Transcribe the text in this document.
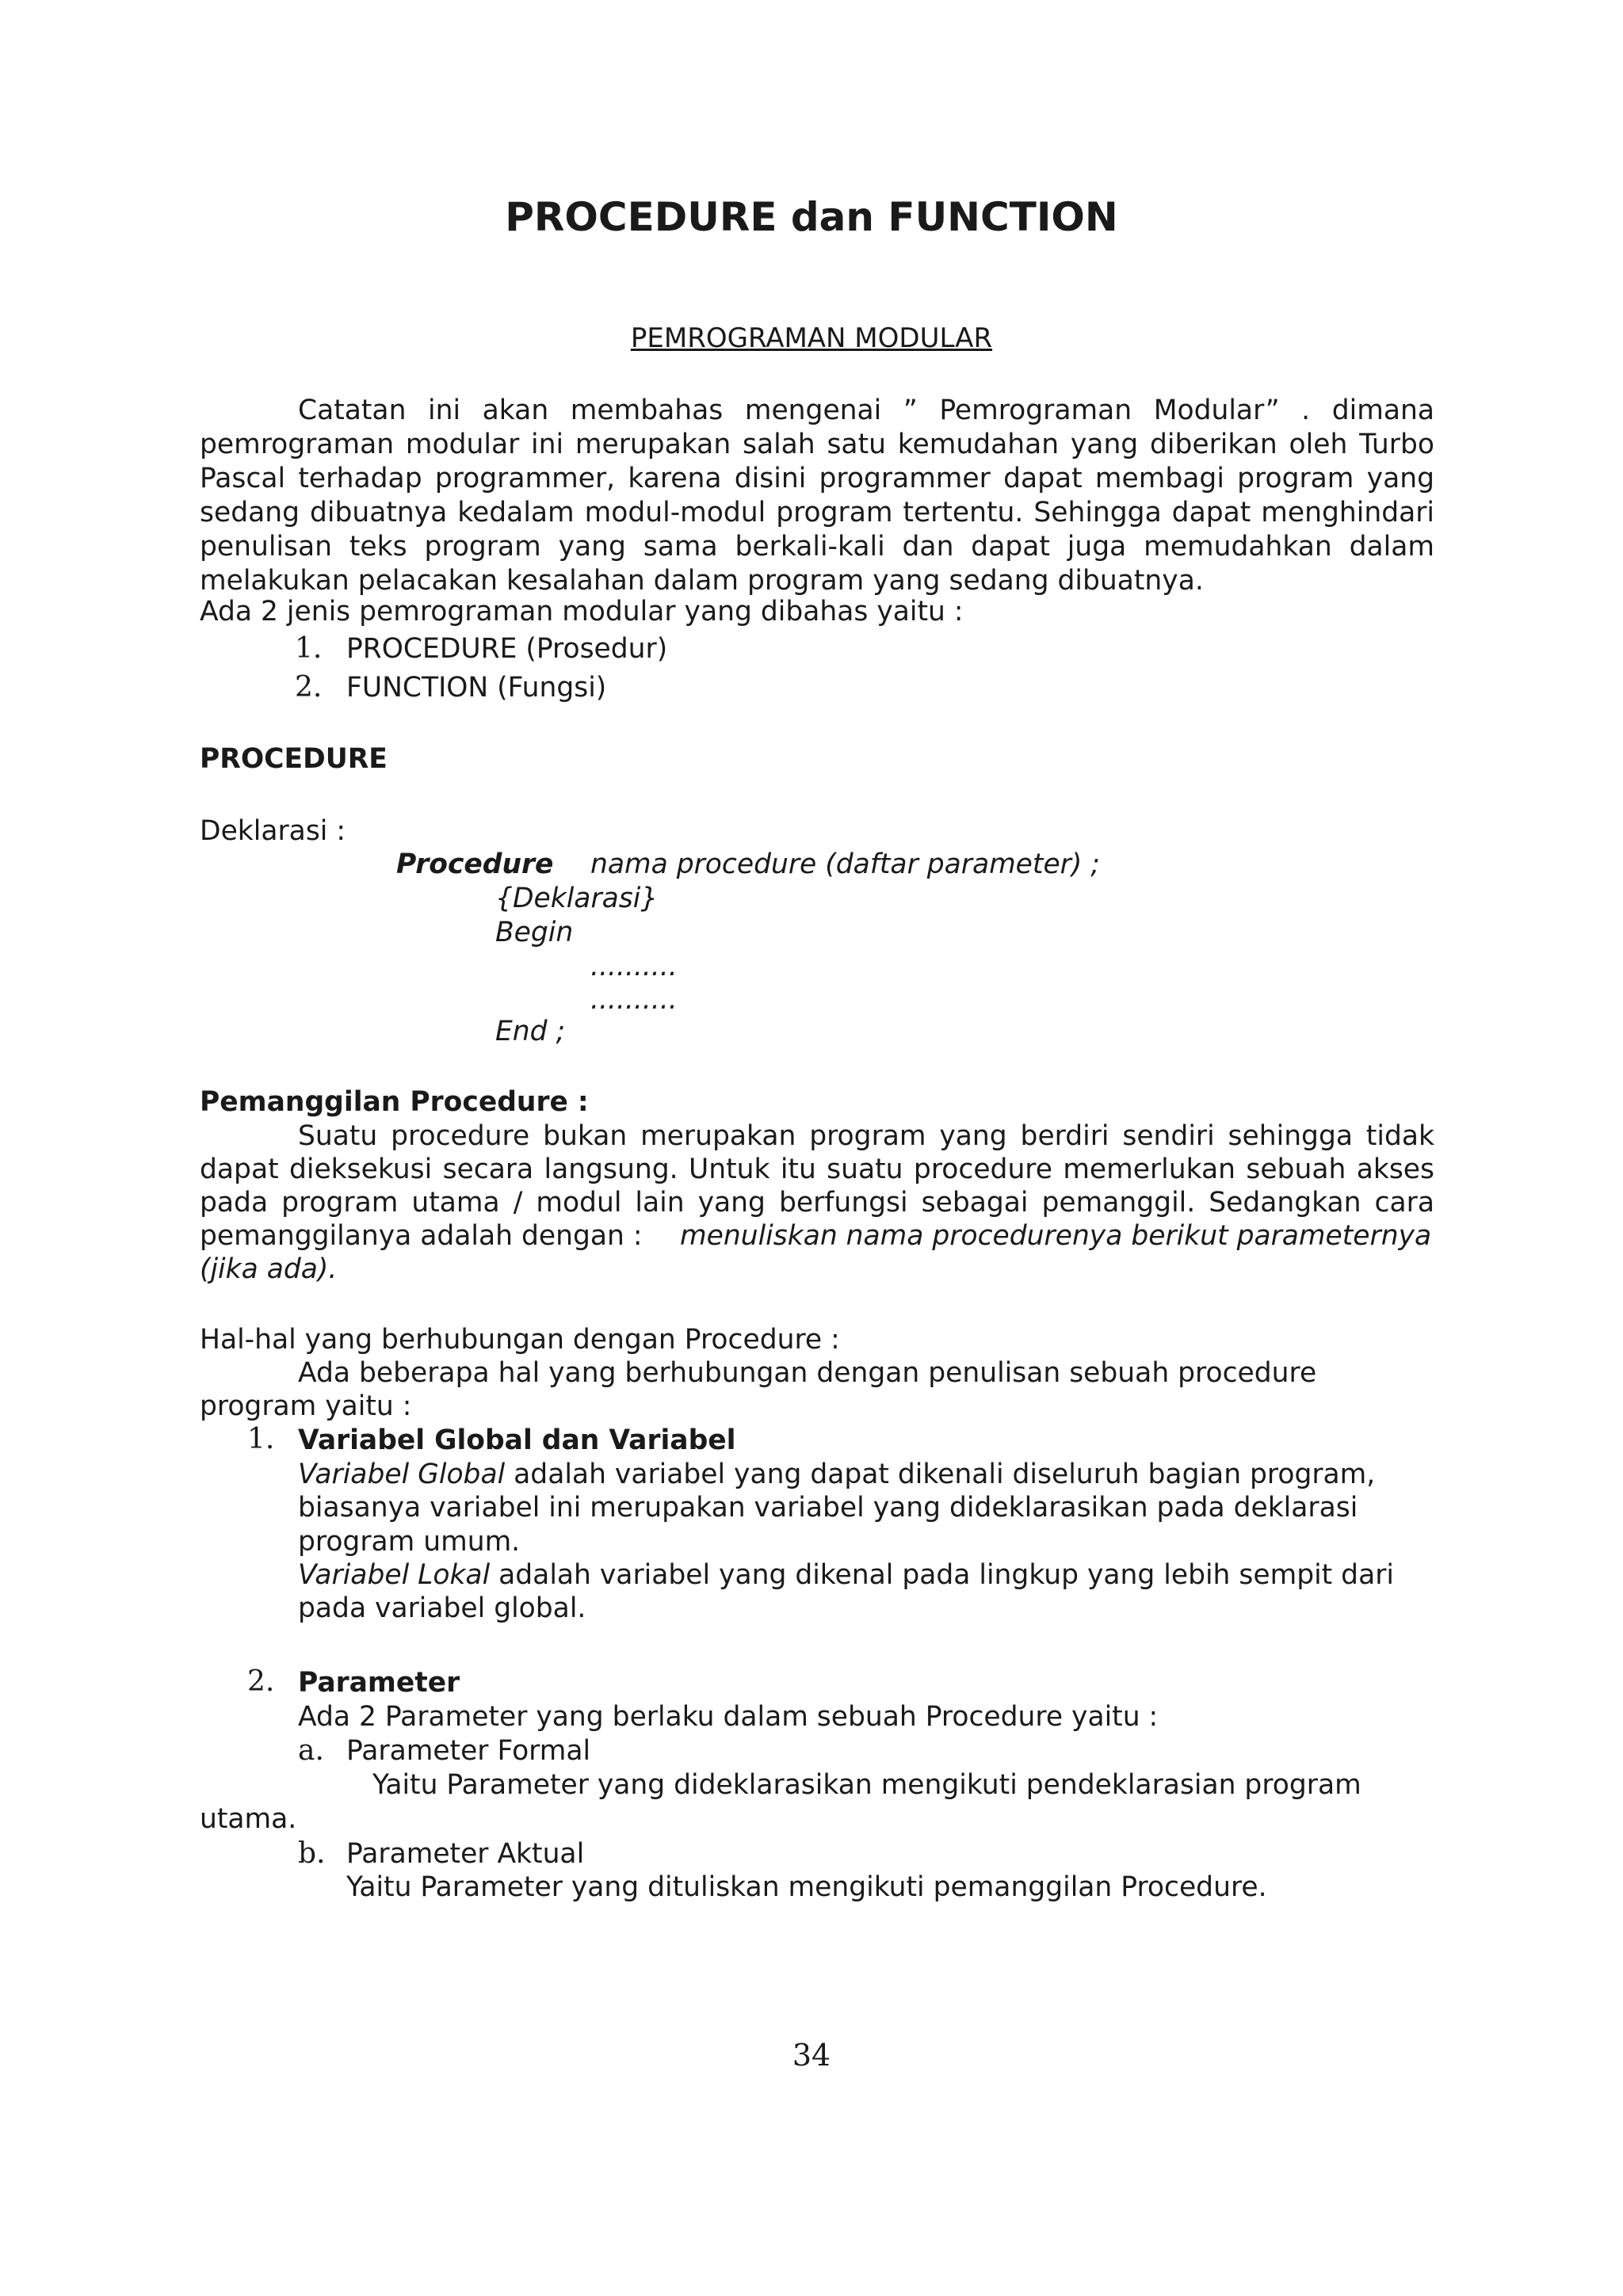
PROCEDURE dan FUNCTION
PEMROGRAMAN MODULAR
Catatan ini akan membahas mengenai ” Pemrograman Modular” . dimana pemrograman modular ini merupakan salah satu kemudahan yang diberikan oleh Turbo Pascal terhadap programmer, karena disini programmer dapat membagi program yang sedang dibuatnya kedalam modul-modul program tertentu. Sehingga dapat menghindari penulisan teks program yang sama berkali-kali dan dapat juga memudahkan dalam melakukan pelacakan kesalahan dalam program yang sedang dibuatnya.
Ada 2 jenis pemrograman modular yang dibahas yaitu :
1. PROCEDURE (Prosedur)
2. FUNCTION (Fungsi)
PROCEDURE
Deklarasi :
Procedure nama procedure (daftar parameter) ;
{Deklarasi}
Begin
..........
..........
End ;
Pemanggilan Procedure :
Suatu procedure bukan merupakan program yang berdiri sendiri sehingga tidak
dapat dieksekusi secara langsung. Untuk itu suatu procedure memerlukan sebuah akses
pada program utama / modul lain yang berfungsi sebagai pemanggil. Sedangkan cara
pemanggilanya adalah dengan : menuliskan nama procedurenya berikut parameternya
(jika ada).
Hal-hal yang berhubungan dengan Procedure :
Ada beberapa hal yang berhubungan dengan penulisan sebuah procedure
program yaitu :
1. Variabel Global dan Variabel
Variabel Global adalah variabel yang dapat dikenali diseluruh bagian program,
biasanya variabel ini merupakan variabel yang dideklarasikan pada deklarasi
program umum.
Variabel Lokal adalah variabel yang dikenal pada lingkup yang lebih sempit dari
pada variabel global.
2. Parameter
Ada 2 Parameter yang berlaku dalam sebuah Procedure yaitu :
a. Parameter Formal
Yaitu Parameter yang dideklarasikan mengikuti pendeklarasian program
utama.
b. Parameter Aktual
Yaitu Parameter yang dituliskan mengikuti pemanggilan Procedure.
34
